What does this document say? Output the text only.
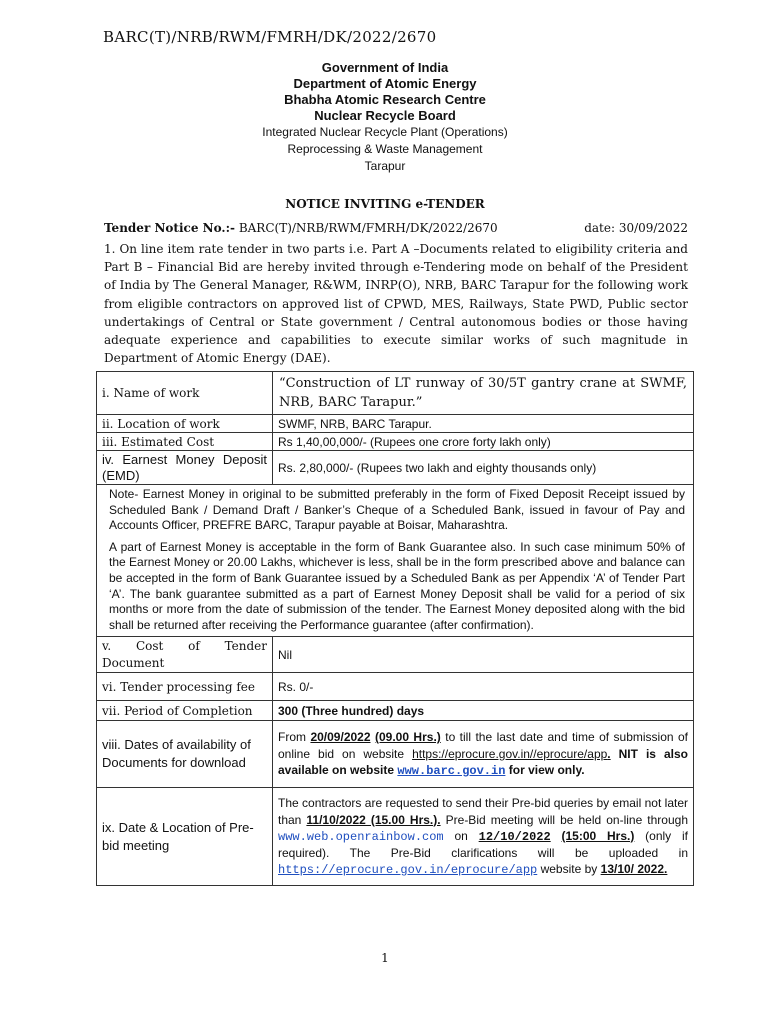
BARC(T)/NRB/RWM/FMRH/DK/2022/2670
Government of India
Department of Atomic Energy
Bhabha Atomic Research Centre
Nuclear Recycle Board
Integrated Nuclear Recycle Plant (Operations)
Reprocessing & Waste Management
Tarapur
NOTICE INVITING e-TENDER
Tender Notice No.:- BARC(T)/NRB/RWM/FMRH/DK/2022/2670	date: 30/09/2022
1. On line item rate tender in two parts i.e. Part A –Documents related to eligibility criteria and Part B – Financial Bid are hereby invited through e-Tendering mode on behalf of the President of India by The General Manager, R&WM, INRP(O), NRB, BARC Tarapur for the following work from eligible contractors on approved list of CPWD, MES, Railways, State PWD, Public sector undertakings of Central or State government / Central autonomous bodies or those having adequate experience and capabilities to execute similar works of such magnitude in Department of Atomic Energy (DAE).
i. Name of work	“Construction of LT runway of 30/5T gantry crane at SWMF, NRB, BARC Tarapur.”
ii. Location of work	SWMF, NRB, BARC Tarapur.
iii. Estimated Cost	Rs 1,40,00,000/- (Rupees one crore forty lakh only)
iv. Earnest Money Deposit (EMD)	Rs. 2,80,000/- (Rupees two lakh and eighty thousands only)

Note- Earnest Money in original to be submitted preferably in the form of Fixed Deposit Receipt issued by Scheduled Bank / Demand Draft / Banker’s Cheque of a Scheduled Bank, issued in favour of Pay and Accounts Officer, PREFRE BARC, Tarapur payable at Boisar, Maharashtra.

A part of Earnest Money is acceptable in the form of Bank Guarantee also. In such case minimum 50% of the Earnest Money or 20.00 Lakhs, whichever is less, shall be in the form prescribed above and balance can be accepted in the form of Bank Guarantee issued by a Scheduled Bank as per Appendix ‘A’ of Tender Part ‘A’. The bank guarantee submitted as a part of Earnest Money Deposit shall be valid for a period of six months or more from the date of submission of the tender. The Earnest Money deposited along with the bid shall be returned after receiving the Performance guarantee (after confirmation).	

v. Cost of Tender Document	Nil
vi. Tender processing fee	Rs. 0/-
vii. Period of Completion	300 (Three hundred) days
viii. Dates of availability of Documents for download	From 20/09/2022 (09.00 Hrs.) to till the last date and time of submission of online bid on website https://eprocure.gov.in//eprocure/app. NIT is also available on website www.barc.gov.in for view only.
ix. Date & Location of Pre-bid meeting	The contractors are requested to send their Pre-bid queries by email not later than 11/10/2022 (15.00 Hrs.). Pre-Bid meeting will be held on-line through www.web.openrainbow.com on 12/10/2022 (15:00 Hrs.) (only if required). The Pre-Bid clarifications will be uploaded in https://eprocure.gov.in/eprocure/app website by 13/10/ 2022.
1
